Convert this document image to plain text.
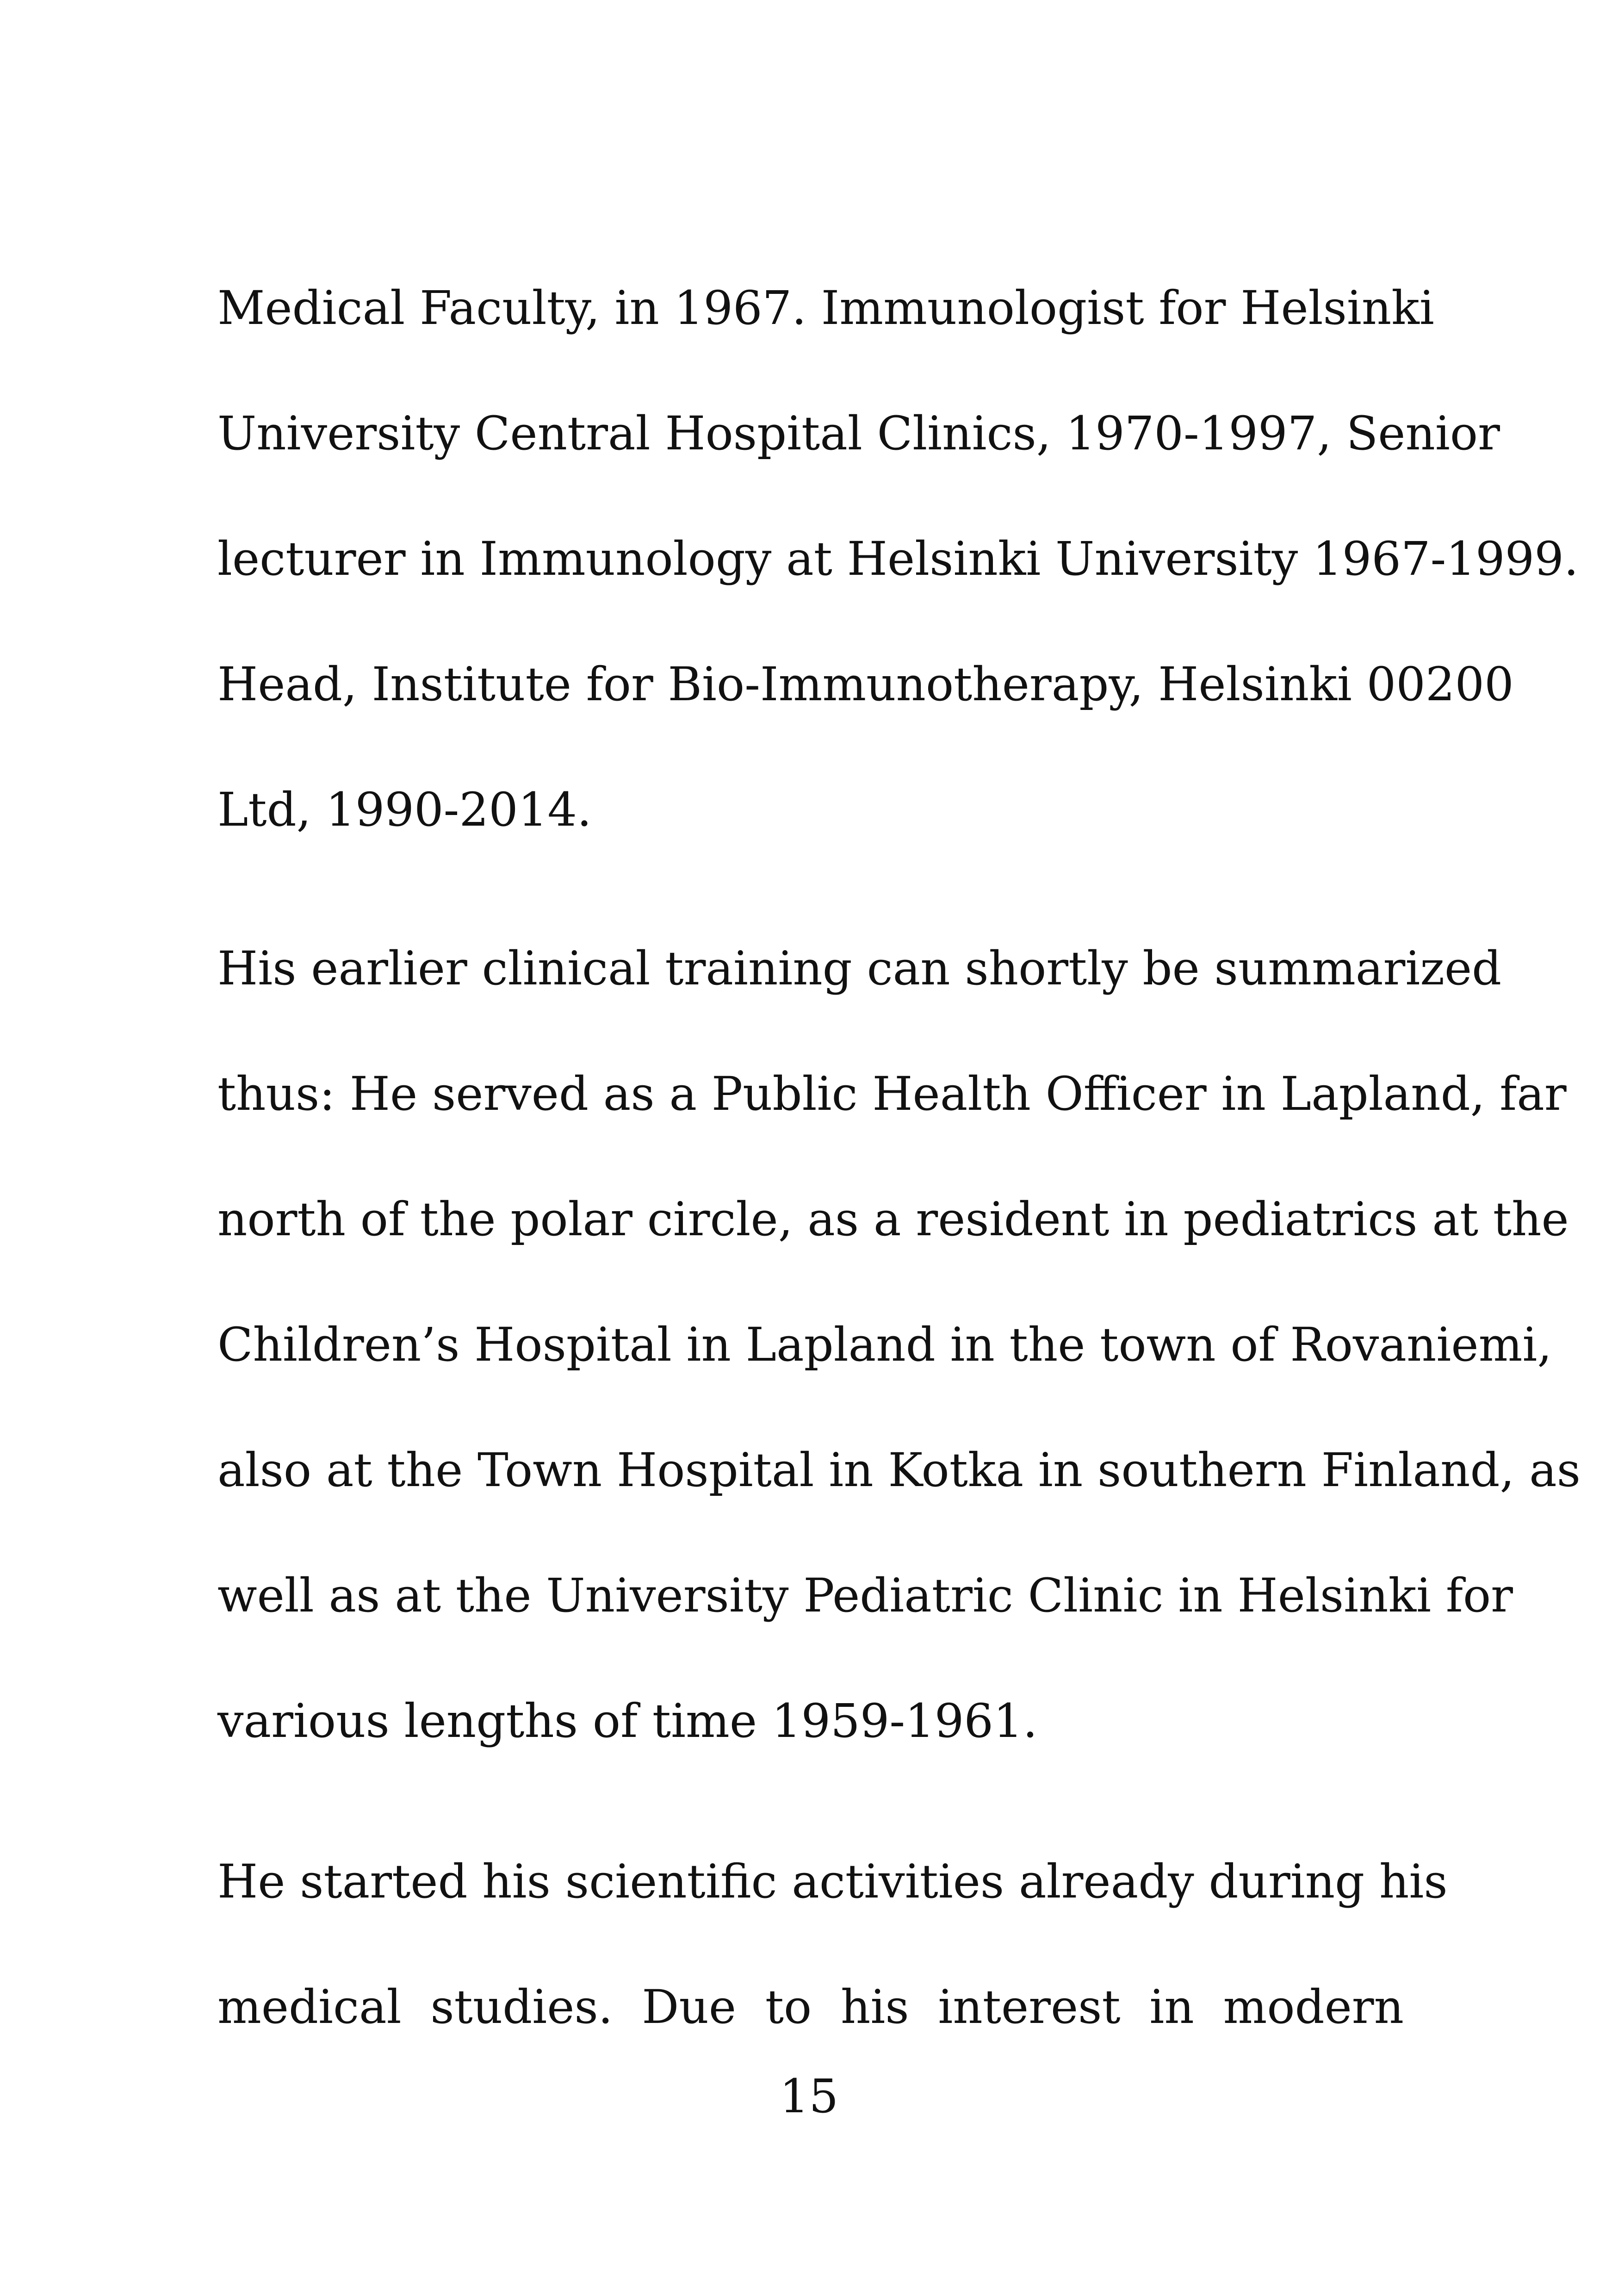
Medical Faculty, in 1967. Immunologist for Helsinki
University Central Hospital Clinics, 1970-1997, Senior
lecturer in Immunology at Helsinki University 1967-1999.
Head, Institute for Bio-Immunotherapy, Helsinki 00200
Ltd, 1990-2014.
His earlier clinical training can shortly be summarized
thus: He served as a Public Health Officer in Lapland, far
north of the polar circle, as a resident in pediatrics at the
Children’s Hospital in Lapland in the town of Rovaniemi,
also at the Town Hospital in Kotka in southern Finland, as
well as at the University Pediatric Clinic in Helsinki for
various lengths of time 1959-1961.
He started his scientific activities already during his
medical studies. Due to his interest in modern
15
